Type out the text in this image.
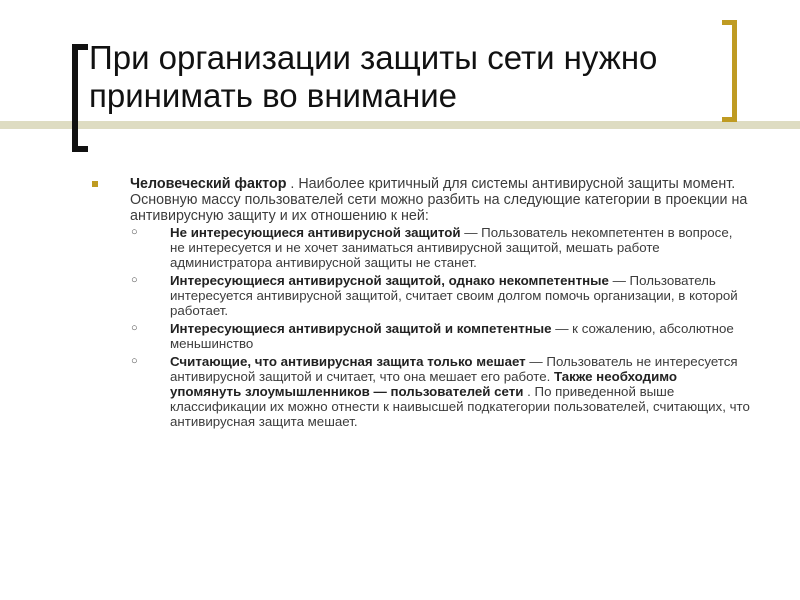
При организации защиты сети нужно принимать во внимание
Человеческий фактор . Наиболее критичный для системы антивирусной защиты момент. Основную массу пользователей сети можно разбить на следующие категории в проекции на антивирусную защиту и их отношению к ней:
○ Не интересующиеся антивирусной защитой — Пользователь некомпетентен в вопросе, не интересуется и не хочет заниматься антивирусной защитой, мешать работе администратора антивирусной защиты не станет.
○ Интересующиеся антивирусной защитой, однако некомпетентные — Пользователь интересуется антивирусной защитой, считает своим долгом помочь организации, в которой работает.
○ Интересующиеся антивирусной защитой и компетентные — к сожалению, абсолютное меньшинство
○ Считающие, что антивирусная защита только мешает — Пользователь не интересуется антивирусной защитой и считает, что она мешает его работе. Также необходимо упомянуть злоумышленников — пользователей сети . По приведенной выше классификации их можно отнести к наивысшей подкатегории пользователей, считающих, что антивирусная защита мешает.
